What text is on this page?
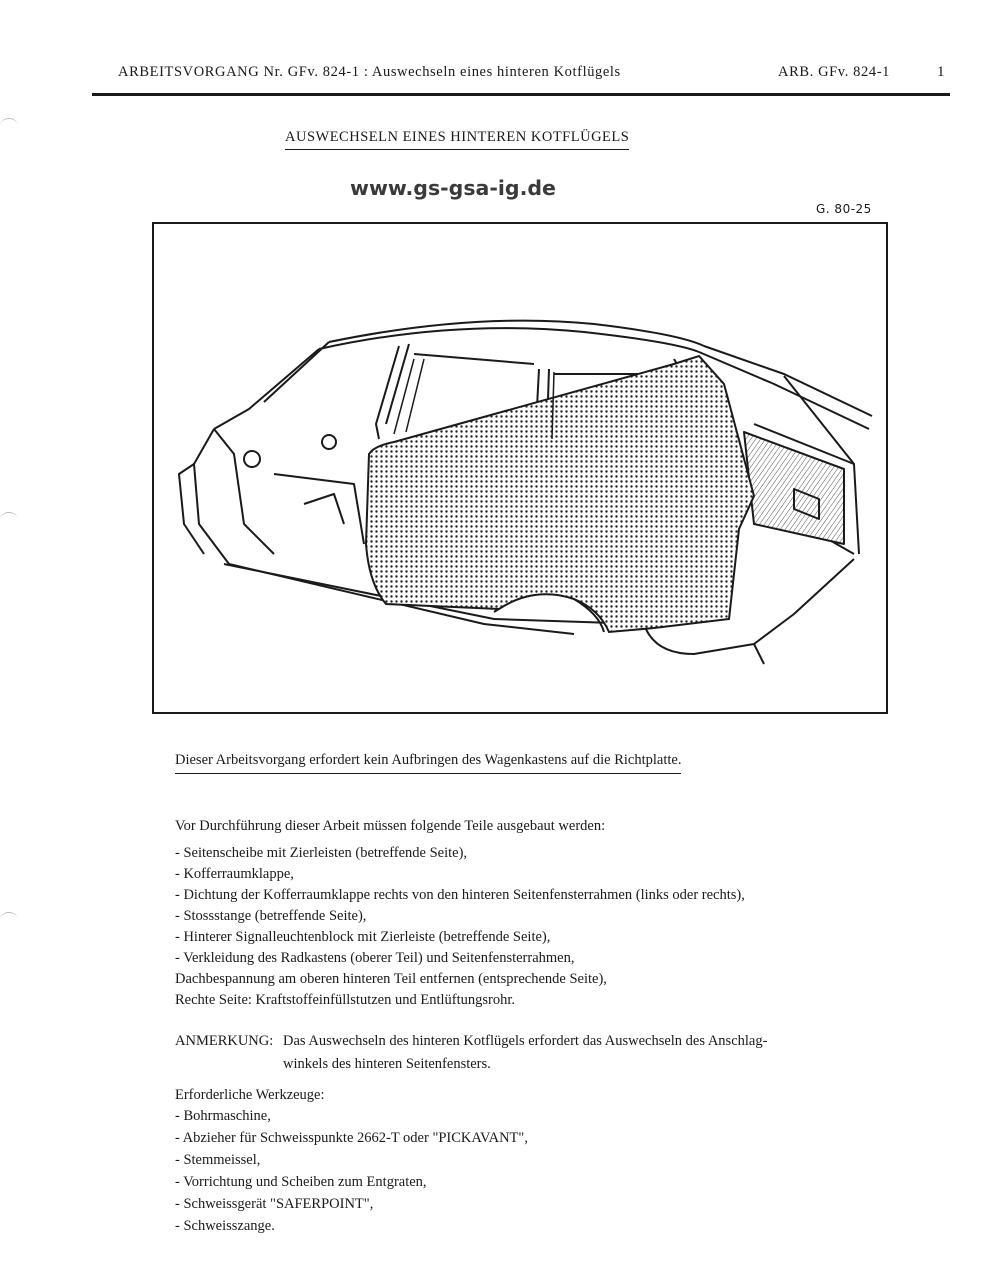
ARBEITSVORGANG Nr. GFv. 824-1 : Auswechseln eines hinteren Kotflügels	ARB. GFv. 824-1	1
AUSWECHSELN EINES HINTEREN KOTFLÜGELS
www.gs-gsa-ig.de
G. 80-25
Dieser Arbeitsvorgang erfordert kein Aufbringen des Wagenkastens auf die Richtplatte.
Vor Durchführung dieser Arbeit müssen folgende Teile ausgebaut werden:
- Seitenscheibe mit Zierleisten (betreffende Seite),
- Kofferraumklappe,
- Dichtung der Kofferraumklappe rechts von den hinteren Seitenfensterrahmen (links oder rechts),
- Stossstange (betreffende Seite),
- Hinterer Signalleuchtenblock mit Zierleiste (betreffende Seite),
- Verkleidung des Radkastens (oberer Teil) und Seitenfensterrahmen,
Dachbespannung am oberen hinteren Teil entfernen (entsprechende Seite),
Rechte Seite: Kraftstoffeinfüllstutzen und Entlüftungsrohr.
ANMERKUNG: Das Auswechseln des hinteren Kotflügels erfordert das Auswechseln des Anschlag-
winkels des hinteren Seitenfensters.
Erforderliche Werkzeuge:
- Bohrmaschine,
- Abzieher für Schweisspunkte 2662-T oder "PICKAVANT",
- Stemmeissel,
- Vorrichtung und Scheiben zum Entgraten,
- Schweissgerät "SAFERPOINT",
- Schweisszange.
